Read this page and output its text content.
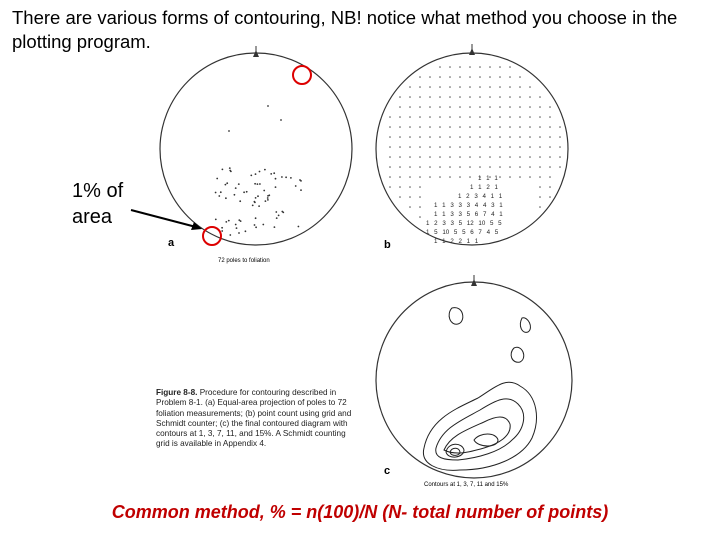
There are various forms of contouring, NB! notice what method you choose in the plotting program.
a
72 poles to foliation
1 1 1
1 1 2 1
1 2 3 4 1 1
1 1 3 3 3 4 4 3 1
1 1 3 3 5 6 7 4 1
1 2 3 3 5 12 10 5 5
1 5 10 5 5 6 7 4 5
1 1 2 2 1 1
b
c
Contours at 1, 3, 7, 11 and 15%
1% of
area
Figure 8-8. Procedure for contouring described in Problem 8-1. (a) Equal-area projection of poles to 72 foliation measurements; (b) point count using grid and Schmidt counter; (c) the final contoured diagram with contours at 1, 3, 7, 11, and 15%. A Schmidt counting grid is available in Appendix 4.
Common method, % = n(100)/N (N- total number of points)
